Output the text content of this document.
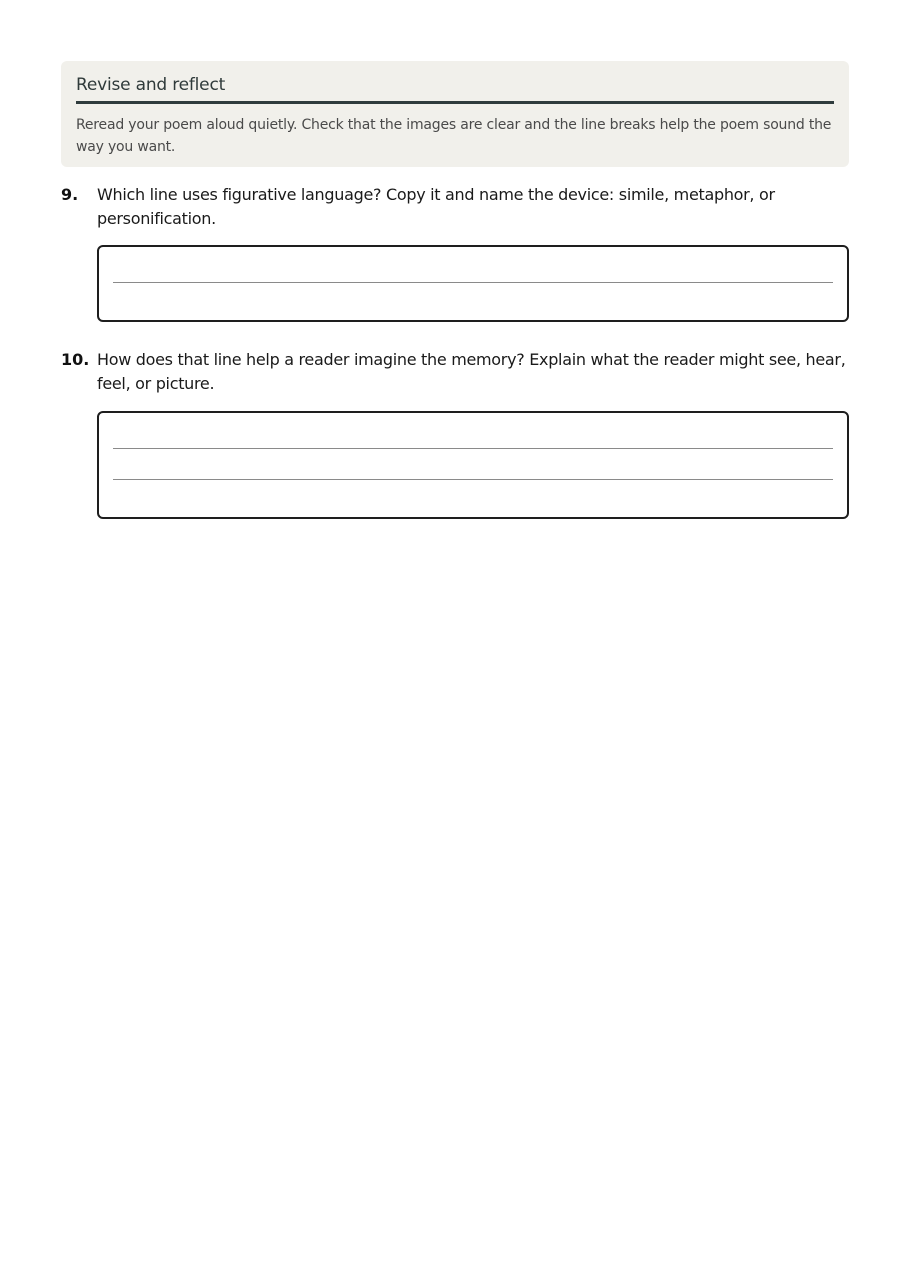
Revise and reflect
Reread your poem aloud quietly. Check that the images are clear and the line breaks help the poem sound the way you want.
9. Which line uses figurative language? Copy it and name the device: simile, metaphor, or personification.
10. How does that line help a reader imagine the memory? Explain what the reader might see, hear, feel, or picture.
